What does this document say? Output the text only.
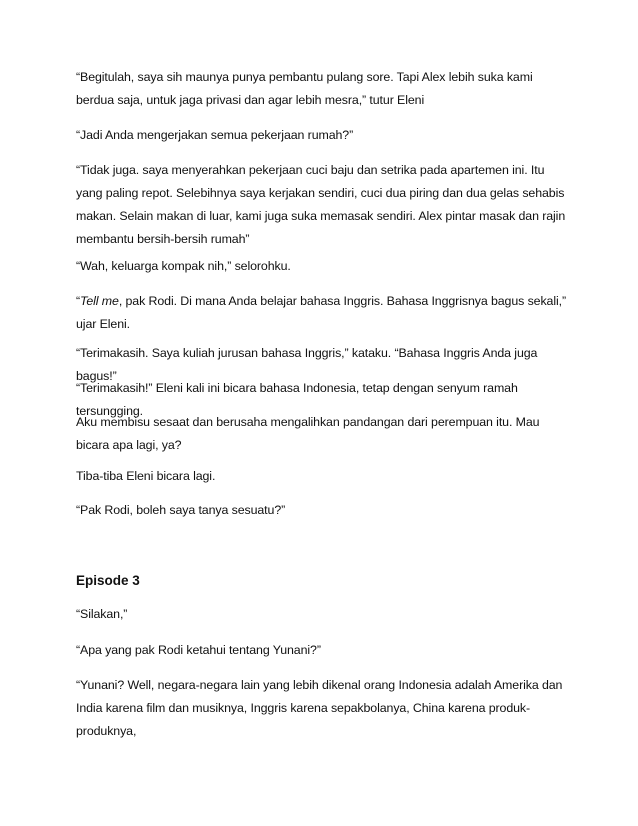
“Begitulah, saya sih maunya punya pembantu pulang sore. Tapi Alex lebih suka kami berdua saja, untuk jaga privasi dan agar lebih mesra,” tutur Eleni

“Jadi Anda mengerjakan semua pekerjaan rumah?”

“Tidak juga. saya menyerahkan pekerjaan cuci baju dan setrika pada apartemen ini. Itu yang paling repot. Selebihnya saya kerjakan sendiri, cuci dua piring dan dua gelas sehabis makan. Selain makan di luar, kami juga suka memasak sendiri. Alex pintar masak dan rajin membantu bersih-bersih rumah”

“Wah, keluarga kompak nih,” selorohku.

“Tell me, pak Rodi. Di mana Anda belajar bahasa Inggris. Bahasa Inggrisnya bagus sekali,” ujar Eleni.

“Terimakasih. Saya kuliah jurusan bahasa Inggris,” kataku. “Bahasa Inggris Anda juga bagus!”

“Terimakasih!” Eleni kali ini bicara bahasa Indonesia, tetap dengan senyum ramah tersungging.

Aku membisu sesaat dan berusaha mengalihkan pandangan dari perempuan itu. Mau bicara apa lagi, ya?

Tiba-tiba Eleni bicara lagi.

“Pak Rodi, boleh saya tanya sesuatu?”

Episode 3

“Silakan,”

“Apa yang pak Rodi ketahui tentang Yunani?”

“Yunani? Well, negara-negara lain yang lebih dikenal orang Indonesia adalah Amerika dan India karena film dan musiknya, Inggris karena sepakbolanya, China karena produk-produknya,
